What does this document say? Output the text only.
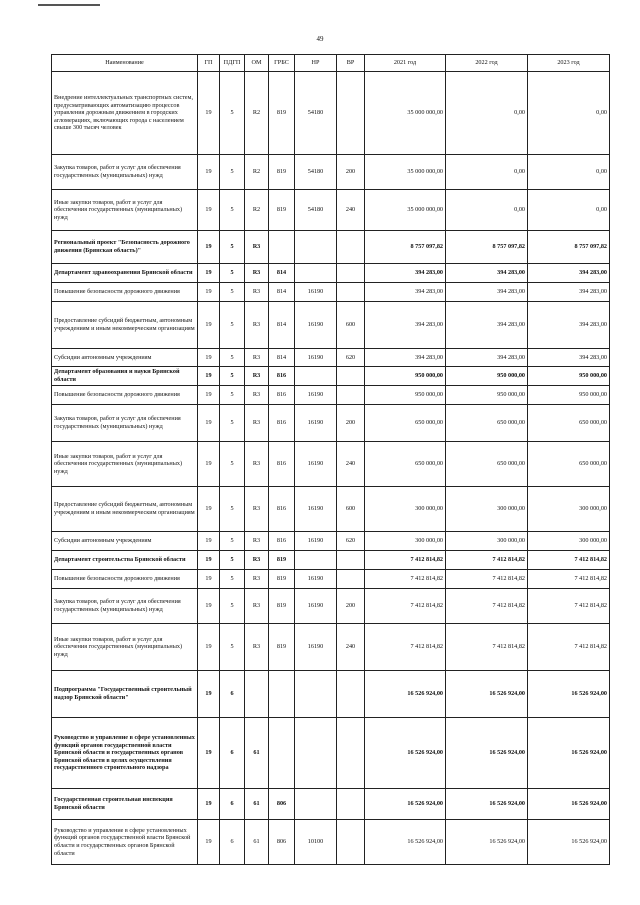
49
Наименование	ГП	ПДГП	ОМ	ГРБС	НР	ВР	2021 год	2022 год	2023 год
Внедрение интеллектуальных транспортных систем, предусматривающих автоматизацию процессов управления дорожным движением в городских агломерациях, включающих города с населением свыше 300 тысяч человек	19	5	R2	819	54180		35 000 000,00	0,00	0,00
Закупка товаров, работ и услуг для обеспечения государственных (муниципальных) нужд	19	5	R2	819	54180	200	35 000 000,00	0,00	0,00
Иные закупки товаров, работ и услуг для обеспечения государственных (муниципальных) нужд	19	5	R2	819	54180	240	35 000 000,00	0,00	0,00
Региональный проект "Безопасность дорожного движения (Брянская область)"	19	5	R3				8 757 097,82	8 757 097,82	8 757 097,82
Департамент здравоохранения Брянской области	19	5	R3	814			394 283,00	394 283,00	394 283,00
Повышение безопасности дорожного движения	19	5	R3	814	16190		394 283,00	394 283,00	394 283,00
Предоставление субсидий бюджетным, автономным учреждениям и иным некоммерческим организациям	19	5	R3	814	16190	600	394 283,00	394 283,00	394 283,00
Субсидии автономным учреждениям	19	5	R3	814	16190	620	394 283,00	394 283,00	394 283,00
Департамент образования и науки Брянской области	19	5	R3	816			950 000,00	950 000,00	950 000,00
Повышение безопасности дорожного движения	19	5	R3	816	16190		950 000,00	950 000,00	950 000,00
Закупка товаров, работ и услуг для обеспечения государственных (муниципальных) нужд	19	5	R3	816	16190	200	650 000,00	650 000,00	650 000,00
Иные закупки товаров, работ и услуг для обеспечения государственных (муниципальных) нужд	19	5	R3	816	16190	240	650 000,00	650 000,00	650 000,00
Предоставление субсидий бюджетным, автономным учреждениям и иным некоммерческим организациям	19	5	R3	816	16190	600	300 000,00	300 000,00	300 000,00
Субсидии автономным учреждениям	19	5	R3	816	16190	620	300 000,00	300 000,00	300 000,00
Департамент строительства Брянской области	19	5	R3	819			7 412 814,82	7 412 814,82	7 412 814,82
Повышение безопасности дорожного движения	19	5	R3	819	16190		7 412 814,82	7 412 814,82	7 412 814,82
Закупка товаров, работ и услуг для обеспечения государственных (муниципальных) нужд	19	5	R3	819	16190	200	7 412 814,82	7 412 814,82	7 412 814,82
Иные закупки товаров, работ и услуг для обеспечения государственных (муниципальных) нужд	19	5	R3	819	16190	240	7 412 814,82	7 412 814,82	7 412 814,82
Подпрограмма "Государственный строительный надзор Брянской области"	19	6					16 526 924,00	16 526 924,00	16 526 924,00
Руководство и управление в сфере установленных функций органов государственной власти Брянской области и государственных органов Брянской области в целях осуществления государственного строительного надзора	19	6	61				16 526 924,00	16 526 924,00	16 526 924,00
Государственная строительная инспекция Брянской области	19	6	61	806			16 526 924,00	16 526 924,00	16 526 924,00
Руководство и управление в сфере установленных функций органов государственной власти Брянской области и государственных органов Брянской области	19	6	61	806	10100		16 526 924,00	16 526 924,00	16 526 924,00
